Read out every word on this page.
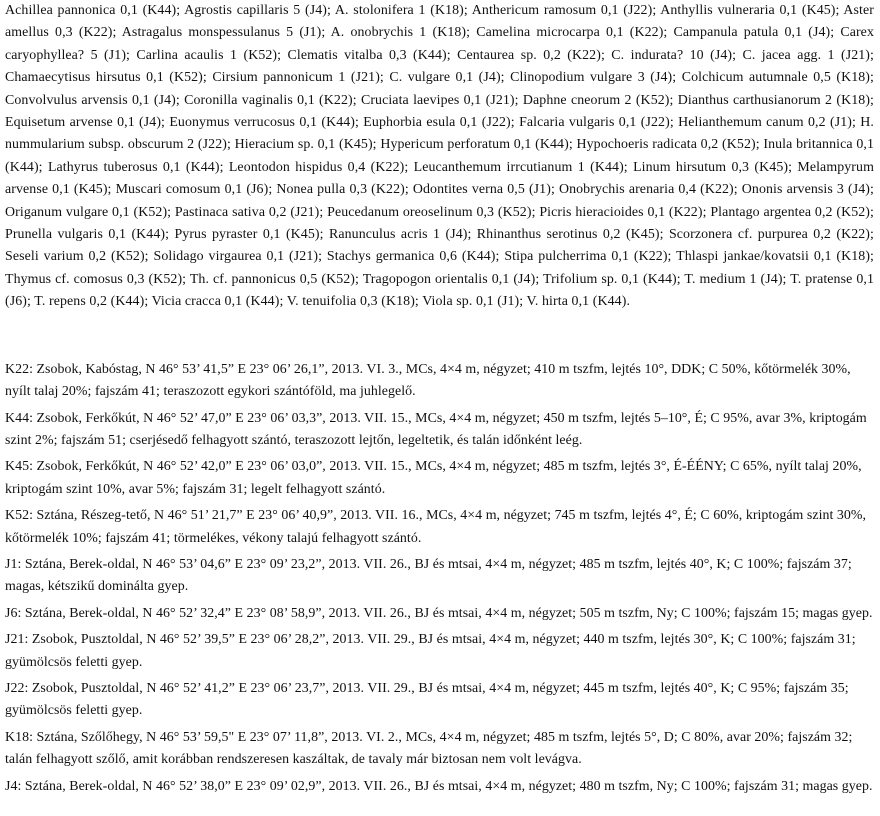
Achillea pannonica 0,1 (K44); Agrostis capillaris 5 (J4); A. stolonifera 1 (K18); Anthericum ramosum 0,1 (J22); Anthyllis vulneraria 0,1 (K45); Aster amellus 0,3 (K22); Astragalus monspessulanus 5 (J1); A. onobrychis 1 (K18); Camelina microcarpa 0,1 (K22); Campanula patula 0,1 (J4); Carex caryophyllea? 5 (J1); Carlina acaulis 1 (K52); Clematis vitalba 0,3 (K44); Centaurea sp. 0,2 (K22); C. indurata? 10 (J4); C. jacea agg. 1 (J21); Chamaecytisus hirsutus 0,1 (K52); Cirsium pannonicum 1 (J21); C. vulgare 0,1 (J4); Clinopodium vulgare 3 (J4); Colchicum autumnale 0,5 (K18); Convolvulus arvensis 0,1 (J4); Coronilla vaginalis 0,1 (K22); Cruciata laevipes 0,1 (J21); Daphne cneorum 2 (K52); Dianthus carthusianorum 2 (K18); Equisetum arvense 0,1 (J4); Euonymus verrucosus 0,1 (K44); Euphorbia esula 0,1 (J22); Falcaria vulgaris 0,1 (J22); Helianthemum canum 0,2 (J1); H. nummularium subsp. obscurum 2 (J22); Hieracium sp. 0,1 (K45); Hypericum perforatum 0,1 (K44); Hypochoeris radicata 0,2 (K52); Inula britannica 0,1 (K44); Lathyrus tuberosus 0,1 (K44); Leontodon hispidus 0,4 (K22); Leucanthemum irrcutianum 1 (K44); Linum hirsutum 0,3 (K45); Melampyrum arvense 0,1 (K45); Muscari comosum 0,1 (J6); Nonea pulla 0,3 (K22); Odontites verna 0,5 (J1); Onobrychis arenaria 0,4 (K22); Ononis arvensis 3 (J4); Origanum vulgare 0,1 (K52); Pastinaca sativa 0,2 (J21); Peucedanum oreoselinum 0,3 (K52); Picris hieracioides 0,1 (K22); Plantago argentea 0,2 (K52); Prunella vulgaris 0,1 (K44); Pyrus pyraster 0,1 (K45); Ranunculus acris 1 (J4); Rhinanthus serotinus 0,2 (K45); Scorzonera cf. purpurea 0,2 (K22); Seseli varium 0,2 (K52); Solidago virgaurea 0,1 (J21); Stachys germanica 0,6 (K44); Stipa pulcherrima 0,1 (K22); Thlaspi jankae/kovatsii 0,1 (K18); Thymus cf. comosus 0,3 (K52); Th. cf. pannonicus 0,5 (K52); Tragopogon orientalis 0,1 (J4); Trifolium sp. 0,1 (K44); T. medium 1 (J4); T. pratense 0,1 (J6); T. repens 0,2 (K44); Vicia cracca 0,1 (K44); V. tenuifolia 0,3 (K18); Viola sp. 0,1 (J1); V. hirta 0,1 (K44).

K22: Zsobok, Kabóstag, N 46° 53’ 41,5” E 23° 06’ 26,1”, 2013. VI. 3., MCs, 4×4 m, négyzet; 410 m tszfm, lejtés 10°, DDK; C 50%, kőtörmelék 30%, nyílt talaj 20%; fajszám 41; teraszozott egykori szántóföld, ma juhlegelő.

K44: Zsobok, Ferkőkút, N 46° 52’ 47,0” E 23° 06’ 03,3”, 2013. VII. 15., MCs, 4×4 m, négyzet; 450 m tszfm, lejtés 5–10°, É; C 95%, avar 3%, kriptogám szint 2%; fajszám 51; cserjésedő felhagyott szántó, teraszozott lejtőn, legeltetik, és talán időnként leég.

K45: Zsobok, Ferkőkút, N 46° 52’ 42,0” E 23° 06’ 03,0”, 2013. VII. 15., MCs, 4×4 m, négyzet; 485 m tszfm, lejtés 3°, É-ÉÉNY; C 65%, nyílt talaj 20%, kriptogám szint 10%, avar 5%; fajszám 31; legelt felhagyott szántó.

K52: Sztána, Részeg-tető, N 46° 51’ 21,7” E 23° 06’ 40,9”, 2013. VII. 16., MCs, 4×4 m, négyzet; 745 m tszfm, lejtés 4°, É; C 60%, kriptogám szint 30%, kőtörmelék 10%; fajszám 41; törmelékes, vékony talajú felhagyott szántó.

J1: Sztána, Berek-oldal, N 46° 53’ 04,6” E 23° 09’ 23,2”, 2013. VII. 26., BJ és mtsai, 4×4 m, négyzet; 485 m tszfm, lejtés 40°, K; C 100%; fajszám 37; magas, kétszikű dominálta gyep.

J6: Sztána, Berek-oldal, N 46° 52’ 32,4” E 23° 08’ 58,9”, 2013. VII. 26., BJ és mtsai, 4×4 m, négyzet; 505 m tszfm, Ny; C 100%; fajszám 15; magas gyep.

J21: Zsobok, Pusztoldal, N 46° 52’ 39,5” E 23° 06’ 28,2”, 2013. VII. 29., BJ és mtsai, 4×4 m, négyzet; 440 m tszfm, lejtés 30°, K; C 100%; fajszám 31; gyümölcsös feletti gyep.

J22: Zsobok, Pusztoldal, N 46° 52’ 41,2” E 23° 06’ 23,7”, 2013. VII. 29., BJ és mtsai, 4×4 m, négyzet; 445 m tszfm, lejtés 40°, K; C 95%; fajszám 35; gyümölcsös feletti gyep.

K18: Sztána, Szőlőhegy, N 46° 53’ 59,5" E 23° 07’ 11,8”, 2013. VI. 2., MCs, 4×4 m, négyzet; 485 m tszfm, lejtés 5°, D; C 80%, avar 20%; fajszám 32; talán felhagyott szőlő, amit korábban rendszeresen kaszáltak, de tavaly már biztosan nem volt levágva.

J4: Sztána, Berek-oldal, N 46° 52’ 38,0” E 23° 09’ 02,9”, 2013. VII. 26., BJ és mtsai, 4×4 m, négyzet; 480 m tszfm, Ny; C 100%; fajszám 31; magas gyep.
